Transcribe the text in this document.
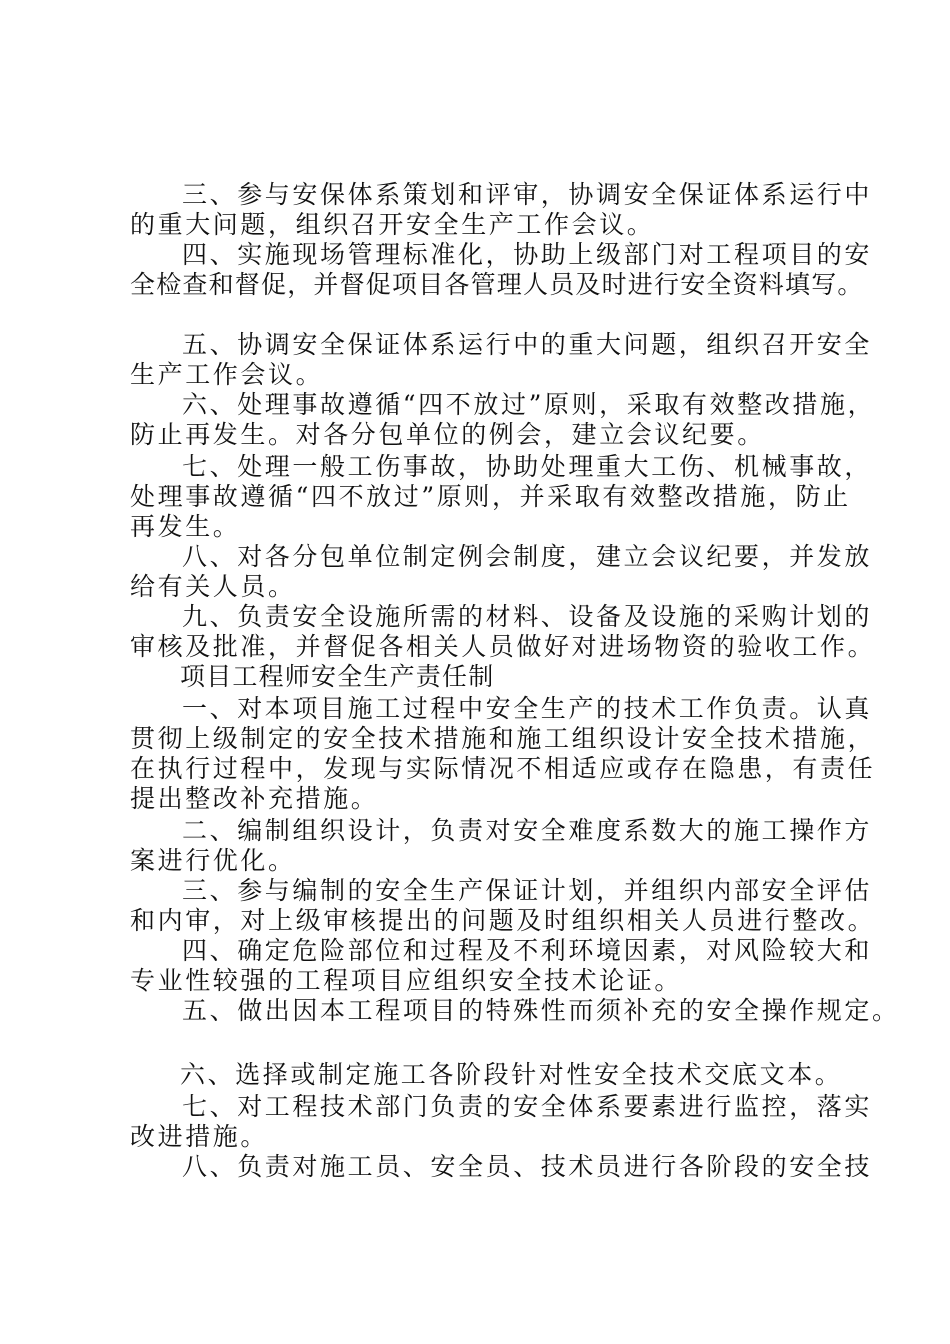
三、参与安保体系策划和评审，协调安全保证体系运行中
的重大问题，组织召开安全生产工作会议。
四、实施现场管理标准化，协助上级部门对工程项目的安
全检查和督促，并督促项目各管理人员及时进行安全资料填写。
五、协调安全保证体系运行中的重大问题，组织召开安全
生产工作会议。
六、处理事故遵循“四不放过”原则，采取有效整改措施，
防止再发生。对各分包单位的例会，建立会议纪要。
七、处理一般工伤事故，协助处理重大工伤、机械事故，
处理事故遵循“四不放过”原则，并采取有效整改措施，防止
再发生。
八、对各分包单位制定例会制度，建立会议纪要，并发放
给有关人员。
九、负责安全设施所需的材料、设备及设施的采购计划的
审核及批准，并督促各相关人员做好对进场物资的验收工作。
项目工程师安全生产责任制
一、对本项目施工过程中安全生产的技术工作负责。认真
贯彻上级制定的安全技术措施和施工组织设计安全技术措施，
在执行过程中，发现与实际情况不相适应或存在隐患，有责任
提出整改补充措施。
二、编制组织设计，负责对安全难度系数大的施工操作方
案进行优化。
三、参与编制的安全生产保证计划，并组织内部安全评估
和内审，对上级审核提出的问题及时组织相关人员进行整改。
四、确定危险部位和过程及不利环境因素，对风险较大和
专业性较强的工程项目应组织安全技术论证。
五、做出因本工程项目的特殊性而须补充的安全操作规定。
六、选择或制定施工各阶段针对性安全技术交底文本。
七、对工程技术部门负责的安全体系要素进行监控，落实
改进措施。
八、负责对施工员、安全员、技术员进行各阶段的安全技
